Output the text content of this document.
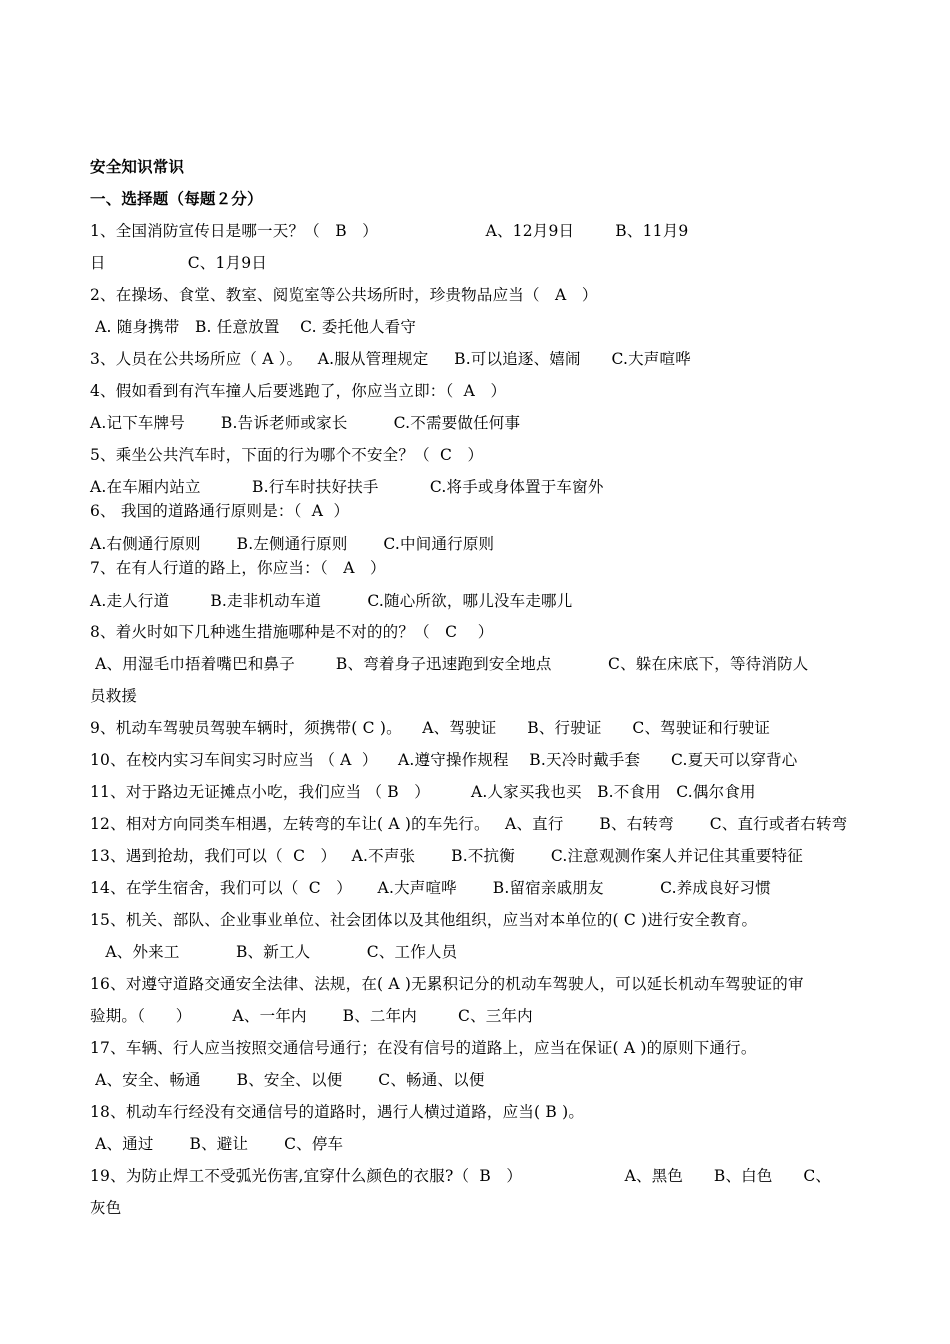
安全知识常识
一、选择题（每题２分）
1、全国消防宣传日是哪一天？（   B   ）                     A、12月9日        B、11月9
日                C、1月9日
2、在操场、食堂、教室、阅览室等公共场所时，珍贵物品应当（   A   ）
A. 随身携带   B. 任意放置    C. 委托他人看守
3、人员在公共场所应（ A ）。   A.服从管理规定     B.可以追逐、嬉闹      C.大声喧哗
4、假如看到有汽车撞人后要逃跑了，你应当立即：（  A   ）
A.记下车牌号       B.告诉老师或家长         C.不需要做任何事
5、乘坐公共汽车时，下面的行为哪个不安全？（  C   ）
A.在车厢内站立          B.行车时扶好扶手          C.将手或身体置于车窗外
6、 我国的道路通行原则是：（  A  ）
A.右侧通行原则       B.左侧通行原则       C.中间通行原则
7、在有人行道的路上，你应当：（   A   ）
A.走人行道        B.走非机动车道         C.随心所欲，哪儿没车走哪儿
8、着火时如下几种逃生措施哪种是不对的的？（   C    ）
A、用湿毛巾捂着嘴巴和鼻子        B、弯着身子迅速跑到安全地点           C、躲在床底下，等待消防人
员救援
9、机动车驾驶员驾驶车辆时，须携带( C )。    A、驾驶证      B、行驶证      C、驾驶证和行驶证
10、在校内实习车间实习时应当 （ A  ）    A.遵守操作规程    B.天冷时戴手套      C.夏天可以穿背心
11、对于路边无证摊点小吃，我们应当 （ B   ）        A.人家买我也买   B.不食用   C.偶尔食用
12、相对方向同类车相遇，左转弯的车让( A )的车先行。   A、直行       B、右转弯       C、直行或者右转弯
13、遇到抢劫，我们可以（  C   ）   A.不声张       B.不抗衡       C.注意观测作案人并记住其重要特征
14、在学生宿舍，我们可以（  C   ）     A.大声喧哗       B.留宿亲戚朋友           C.养成良好习惯
15、机关、部队、企业事业单位、社会团体以及其他组织，应当对本单位的( C )进行安全教育。
A、外来工           B、新工人           C、工作人员
16、对遵守道路交通安全法律、法规，在( A )无累积记分的机动车驾驶人，可以延长机动车驾驶证的审
验期。（      ）        A、一年内       B、二年内        C、三年内
17、车辆、行人应当按照交通信号通行；在没有信号的道路上，应当在保证( A )的原则下通行。
A、安全、畅通       B、安全、以便       C、畅通、以便
18、机动车行经没有交通信号的道路时，遇行人横过道路，应当( B )。
A、通过       B、避让       C、停车
19、为防止焊工不受弧光伤害,宜穿什么颜色的衣服?（  B   ）                    A、黑色      B、白色      C、
灰色
